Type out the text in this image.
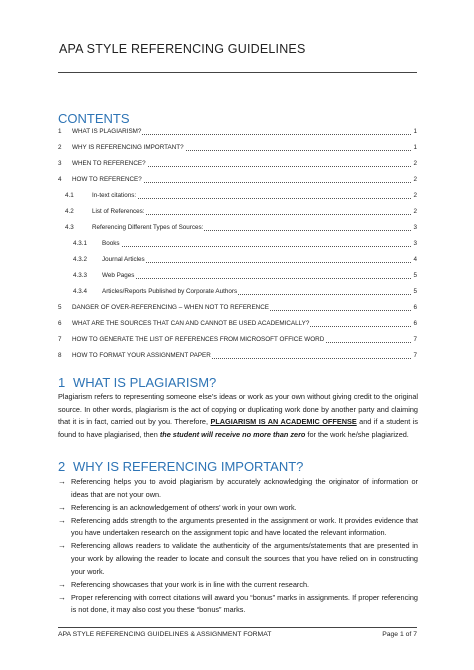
APA STYLE REFERENCING GUIDELINES
CONTENTS
1 WHAT IS PLAGIARISM?	1
2 WHY IS REFERENCING IMPORTANT?	1
3 WHEN TO REFERENCE?	2
4 HOW TO REFERENCE?	2
4.1	In-text citations:	2
4.2	List of References:	2
4.3	Referencing Different Types of Sources:	3
4.3.1 Books	3
4.3.2 Journal Articles	4
4.3.3 Web Pages	5
4.3.4 Articles/Reports Published by Corporate Authors	5
5 DANGER OF OVER-REFERENCING – WHEN NOT TO REFERENCE	6
6 WHAT ARE THE SOURCES THAT CAN AND CANNOT BE USED ACADEMICALLY?	6
7 HOW TO GENERATE THE LIST OF REFERENCES FROM MICROSOFT OFFICE WORD	7
8 HOW TO FORMAT YOUR ASSIGNMENT PAPER	7
1 WHAT IS PLAGIARISM?

Plagiarism refers to representing someone else’s ideas or work as your own without giving credit to the original source. In other words, plagiarism is the act of copying or duplicating work done by another party and claiming that it is in fact, carried out by you. Therefore, PLAGIARISM IS AN ACADEMIC OFFENSE and if a student is found to have plagiarised, then the student will receive no more than zero for the work he/she plagiarized.

2 WHY IS REFERENCING IMPORTANT?
→ Referencing helps you to avoid plagiarism by accurately acknowledging the originator of information or ideas that are not your own.
→ Referencing is an acknowledgement of others’ work in your own work.
→ Referencing adds strength to the arguments presented in the assignment or work. It provides evidence that you have undertaken research on the assignment topic and have located the relevant information.
→ Referencing allows readers to validate the authenticity of the arguments/statements that are presented in your work by allowing the reader to locate and consult the sources that you have relied on in constructing your work.
→ Referencing showcases that your work is in line with the current research.
→ Proper referencing with correct citations will award you “bonus” marks in assignments. If proper referencing is not done, it may also cost you these “bonus” marks.
APA STYLE REFERENCING GUIDELINES & ASSIGNMENT FORMAT	Page 1 of 7
